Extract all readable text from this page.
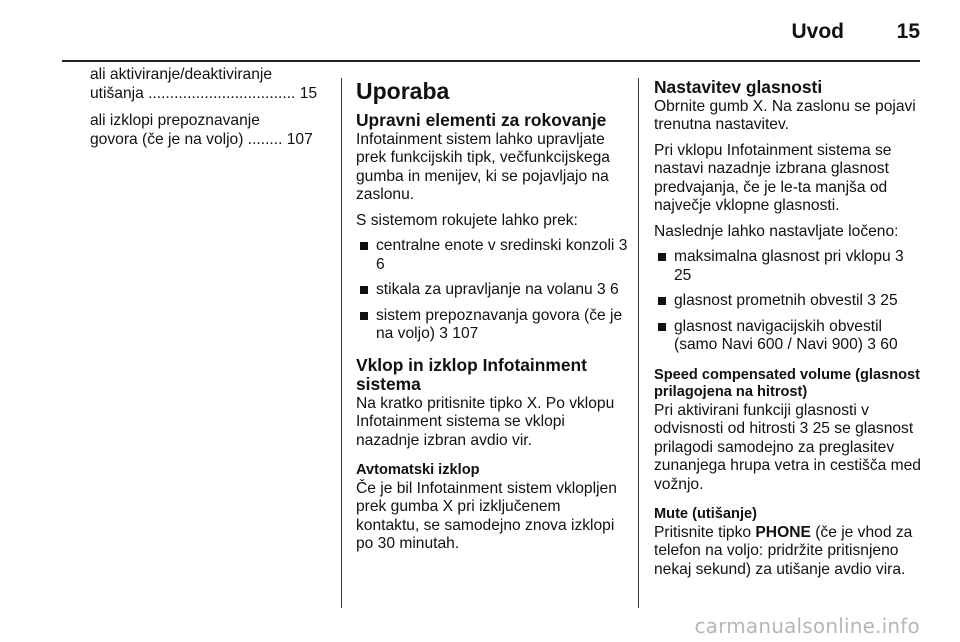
Uvod	15
ali aktiviranje/deaktiviranje
utišanja .................................. 15
ali izklopi prepoznavanje
govora (če je na voljo) ........ 107
Uporaba
Upravni elementi za rokovanje
Infotainment sistem lahko upravljate prek funkcijskih tipk, večfunkcijskega gumba in menijev, ki se pojavljajo na zaslonu.
S sistemom rokujete lahko prek:
centralne enote v sredinski konzoli 3 6
stikala za upravljanje na volanu 3 6
sistem prepoznavanja govora (če je na voljo) 3 107
Vklop in izklop Infotainment sistema
Na kratko pritisnite tipko X. Po vklopu Infotainment sistema se vklopi nazadnje izbran avdio vir.
Avtomatski izklop
Če je bil Infotainment sistem vklopljen prek gumba X pri izključenem kontaktu, se samodejno znova izklopi po 30 minutah.
Nastavitev glasnosti
Obrnite gumb X. Na zaslonu se pojavi trenutna nastavitev.
Pri vklopu Infotainment sistema se nastavi nazadnje izbrana glasnost predvajanja, če je le-ta manjša od največje vklopne glasnosti.
Naslednje lahko nastavljate ločeno:
maksimalna glasnost pri vklopu 3 25
glasnost prometnih obvestil 3 25
glasnost navigacijskih obvestil (samo Navi 600 / Navi 900) 3 60
Speed compensated volume (glasnost prilagojena na hitrost)
Pri aktivirani funkciji glasnosti v odvisnosti od hitrosti 3 25 se glasnost prilagodi samodejno za preglasitev zunanjega hrupa vetra in cestišča med vožnjo.
Mute (utišanje)
Pritisnite tipko PHONE (če je vhod za telefon na voljo: pridržite pritisnjeno nekaj sekund) za utišanje avdio vira.
carmanualsonline.info
